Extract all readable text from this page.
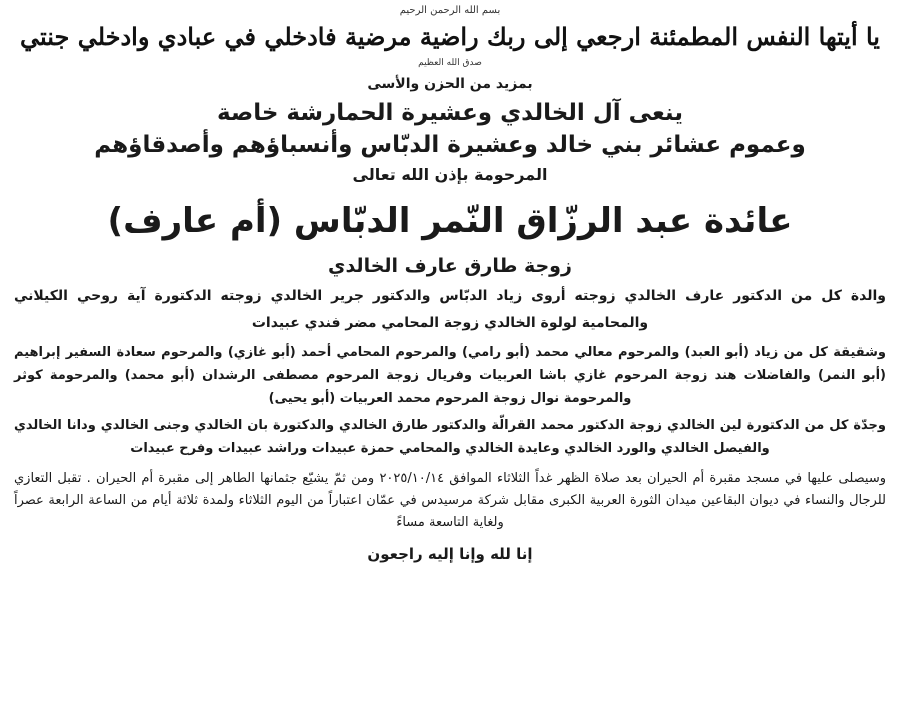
بسم الله الرحمن الرحيم
يا أيتها النفس المطمئنة ارجعي إلى ربك راضية مرضية فادخلي في عبادي وادخلي جنتي
صدق الله العظيم
بمزيد من الحزن والأسى
ينعى آل الخالدي وعشيرة الحمارشة خاصة
وعموم عشائر بني خالد وعشيرة الدبّاس وأنسباؤهم وأصدقاؤهم
المرحومة بإذن الله تعالى
عائدة عبد الرزّاق النّمر الدبّاس (أم عارف)
زوجة طارق عارف الخالدي

والدة كل من الدكتور عارف الخالدي زوجته أروى زياد الدبّاس والدكتور جرير الخالدي زوجته الدكتورة آية روحي الكيلاني والمحامية لولوة الخالدي زوجة المحامي مضر فندي عبيدات

وشقيقة كل من زياد (أبو العبد) والمرحوم معالي محمد (أبو رامي) والمرحوم المحامي أحمد (أبو غازي) والمرحوم سعادة السفير إبراهيم (أبو النمر) والفاضلات هند زوجة المرحوم غازي باشا العربيات وفريال زوجة المرحوم مصطفى الرشدان (أبو محمد) والمرحومة كوثر والمرحومة نوال زوجة المرحوم محمد العربيات (أبو يحيى)

وجدّة كل من الدكتورة لين الخالدي زوجة الدكتور محمد القرالّة والدكتور طارق الخالدي والدكتورة بان الخالدي وجنى الخالدي ودانا الخالدي والفيصل الخالدي والورد الخالدي وعايدة الخالدي والمحامي حمزة عبيدات وراشد عبيدات وفرح عبيدات

وسيصلى عليها في مسجد مقبرة أم الحيران بعد صلاة الظهر غداً الثلاثاء الموافق ٢٠٢٥/١٠/١٤ ومن ثمّ يشيّع جثمانها الطاهر إلى مقبرة أم الحيران . تقبل التعازي للرجال والنساء في ديوان البقاعين ميدان الثورة العربية الكبرى مقابل شركة مرسيدس في عمّان اعتباراً من اليوم الثلاثاء ولمدة ثلاثة أيام من الساعة الرابعة عصراً ولغاية التاسعة مساءً

إنا لله وإنا إليه راجعون
